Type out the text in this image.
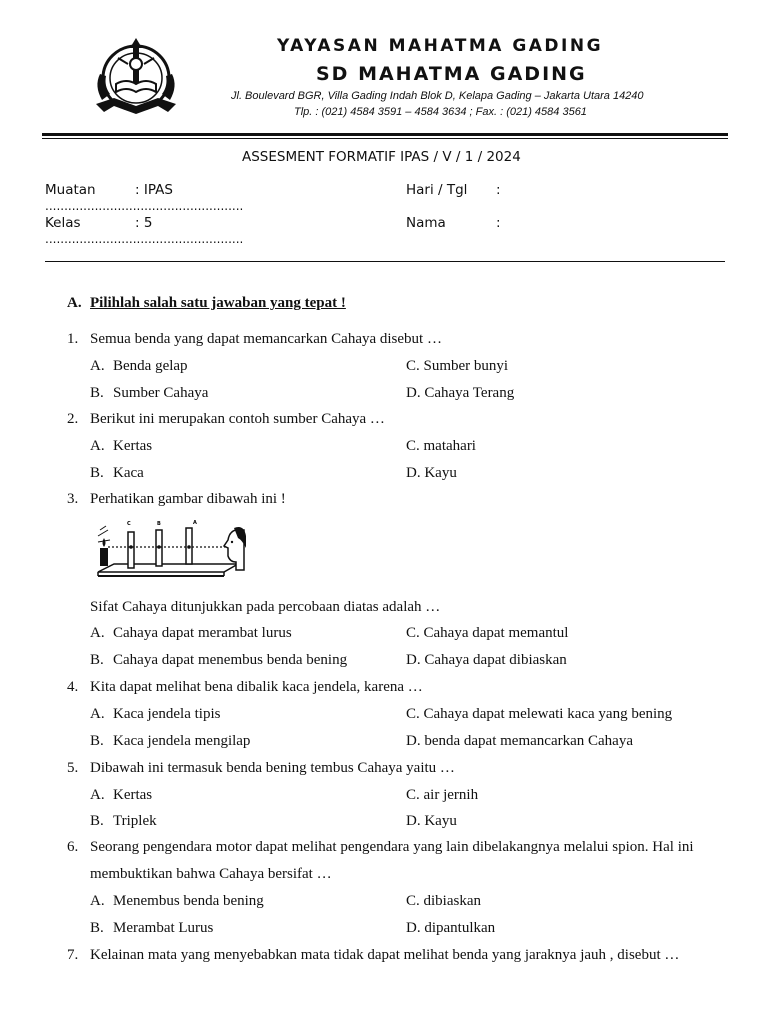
YAYASAN MAHATMA GADING
SD MAHATMA GADING
Jl. Boulevard BGR, Villa Gading Indah Blok D, Kelapa Gading – Jakarta Utara 14240
Tlp. : (021) 4584 3591 – 4584 3634 ; Fax. : (021) 4584 3561
ASSESMENT FORMATIF IPAS / V / 1 / 2024
Muatan	: IPAS
....................................................
Hari / Tgl :
Kelas	: 5
....................................................
Nama	:
A. Pilihlah salah satu jawaban yang tepat !
1. Semua benda yang dapat memancarkan Cahaya disebut …
A. Benda gelap	C. Sumber bunyi
B. Sumber Cahaya	D. Cahaya Terang
2. Berikut ini merupakan contoh sumber Cahaya …
A. Kertas	C. matahari
B. Kaca	D. Kayu
3. Perhatikan gambar dibawah ini !
C	B	A
Sifat Cahaya ditunjukkan pada percobaan diatas adalah …
A. Cahaya dapat merambat lurus	C. Cahaya dapat memantul
B. Cahaya dapat menembus benda bening	D. Cahaya dapat dibiaskan
4. Kita dapat melihat bena dibalik kaca jendela, karena …
A. Kaca jendela tipis	C. Cahaya dapat melewati kaca yang bening
B. Kaca jendela mengilap	D. benda dapat memancarkan Cahaya
5. Dibawah ini termasuk benda bening tembus Cahaya yaitu …
A. Kertas	C. air jernih
B. Triplek	D. Kayu
6. Seorang pengendara motor dapat melihat pengendara yang lain dibelakangnya melalui spion. Hal ini
membuktikan bahwa Cahaya bersifat …
A. Menembus benda bening	C. dibiaskan
B. Merambat Lurus	D. dipantulkan
7. Kelainan mata yang menyebabkan mata tidak dapat melihat benda yang jaraknya jauh , disebut …
